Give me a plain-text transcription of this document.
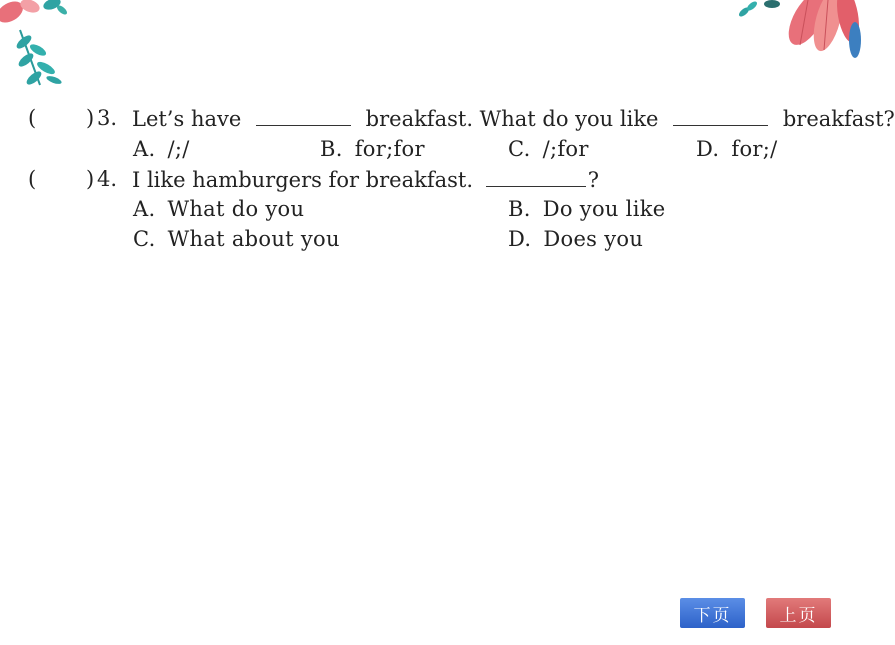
( ) 3. Let’s have	breakfast. What do you like	breakfast?
A. /;/	B. for;for	C. /;for	D. for;/
( ) 4. I like hamburgers for breakfast.	?
A. What do you	B. Do you like
C. What about you	D. Does you
下页	上页
